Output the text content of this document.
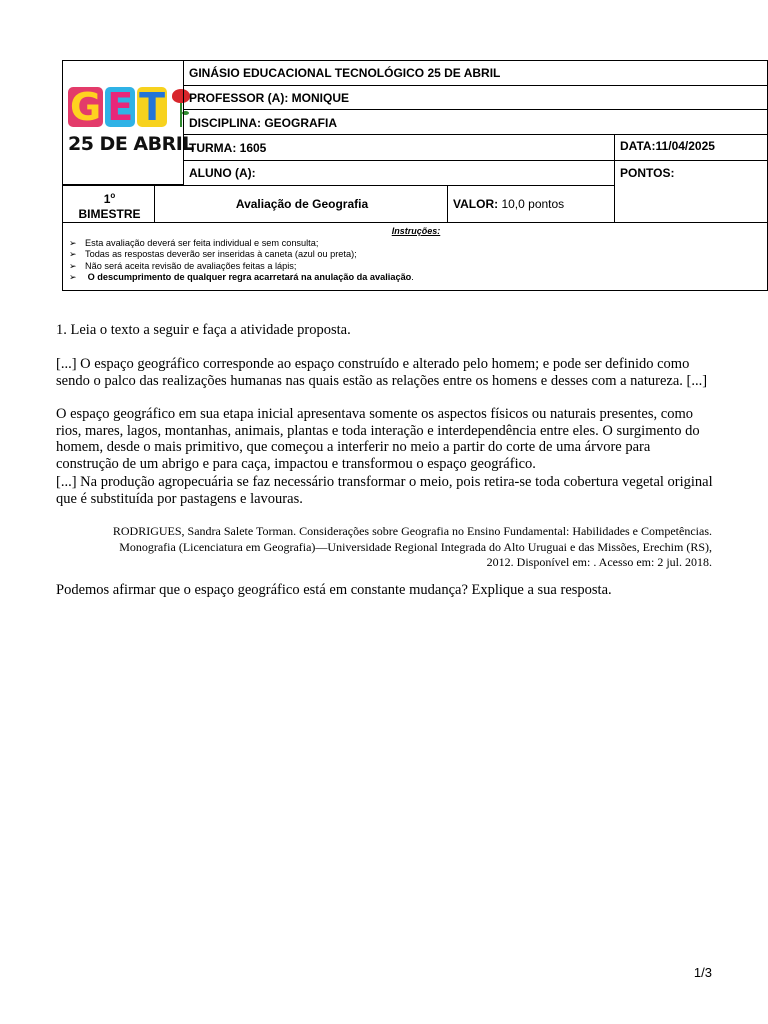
G E T
25 DE ABRIL
GINÁSIO EDUCACIONAL TECNOLÓGICO 25 DE ABRIL
PROFESSOR (A): MONIQUE
DISCIPLINA: GEOGRAFIA
TURMA: 1605	DATA:11/04/2025
ALUNO (A):	PONTOS:
1$^o$
BIMESTRE
Avaliação de Geografia	VALOR: 10,0 pontos
Instruções:
➢ Esta avaliação deverá ser feita individual e sem consulta;
➢ Todas as respostas deverão ser inseridas à caneta (azul ou preta);
➢ Não será aceita revisão de avaliações feitas a lápis;
➢ O descumprimento de qualquer regra acarretará na anulação da avaliação.
1. Leia o texto a seguir e faça a atividade proposta.
[...] O espaço geográfico corresponde ao espaço construído e alterado pelo homem; e pode ser definido como sendo o palco das realizações humanas nas quais estão as relações entre os homens e desses com a natureza. [...]
O espaço geográfico em sua etapa inicial apresentava somente os aspectos físicos ou naturais presentes, como rios, mares, lagos, montanhas, animais, plantas e toda interação e interdependência entre eles. O surgimento do homem, desde o mais primitivo, que começou a interferir no meio a partir do corte de uma árvore para construção de um abrigo e para caça, impactou e transformou o espaço geográfico.
[...] Na produção agropecuária se faz necessário transformar o meio, pois retira-se toda cobertura vegetal original que é substituída por pastagens e lavouras.
RODRIGUES, Sandra Salete Torman. Considerações sobre Geografia no Ensino Fundamental: Habilidades e Competências.
Monografia (Licenciatura em Geografia)—Universidade Regional Integrada do Alto Uruguai e das Missões, Erechim (RS),
2012. Disponível em: . Acesso em: 2 jul. 2018.
Podemos afirmar que o espaço geográfico está em constante mudança? Explique a sua resposta.
1/3
